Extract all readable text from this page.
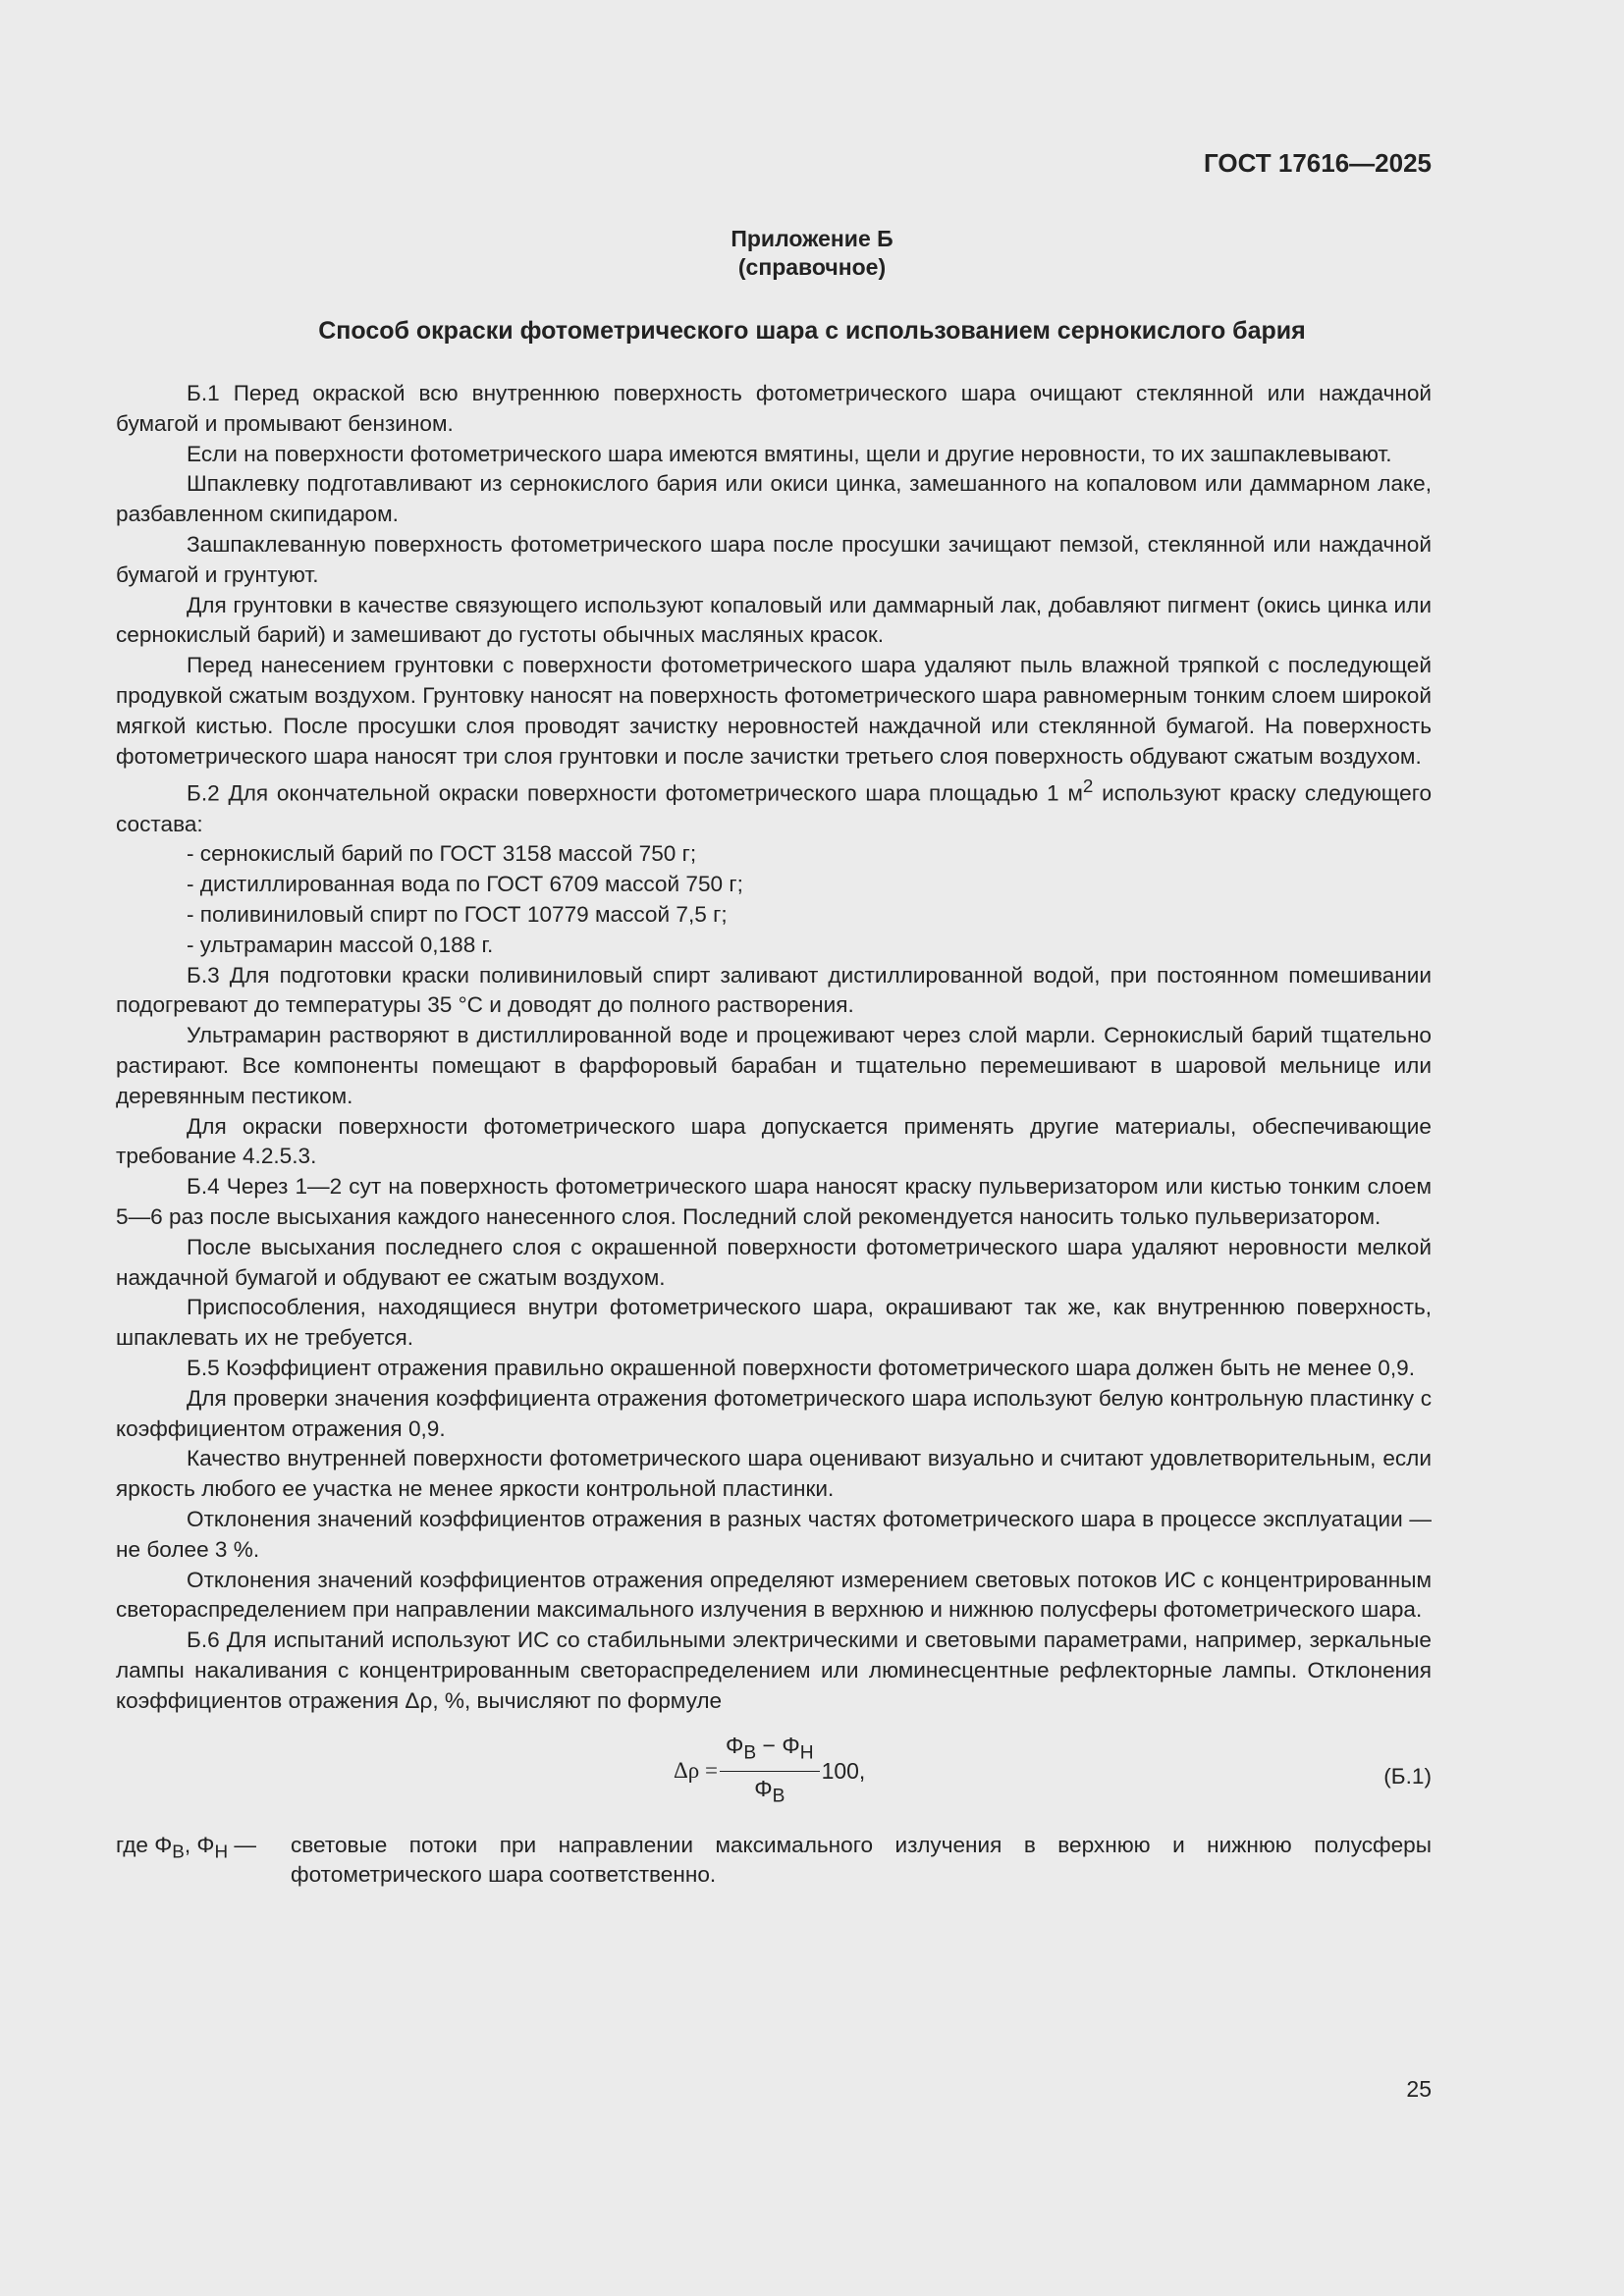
ГОСТ 17616—2025
Приложение Б
(справочное)
Способ окраски фотометрического шара с использованием сернокислого бария

Б.1 Перед окраской всю внутреннюю поверхность фотометрического шара очищают стеклянной или наждачной бумагой и промывают бензином.

Если на поверхности фотометрического шара имеются вмятины, щели и другие неровности, то их зашпаклевывают.

Шпаклевку подготавливают из сернокислого бария или окиси цинка, замешанного на копаловом или даммарном лаке, разбавленном скипидаром.

Зашпаклеванную поверхность фотометрического шара после просушки зачищают пемзой, стеклянной или наждачной бумагой и грунтуют.

Для грунтовки в качестве связующего используют копаловый или даммарный лак, добавляют пигмент (окись цинка или сернокислый барий) и замешивают до густоты обычных масляных красок.

Перед нанесением грунтовки с поверхности фотометрического шара удаляют пыль влажной тряпкой с последующей продувкой сжатым воздухом. Грунтовку наносят на поверхность фотометрического шара равномерным тонким слоем широкой мягкой кистью. После просушки слоя проводят зачистку неровностей наждачной или стеклянной бумагой. На поверхность фотометрического шара наносят три слоя грунтовки и после зачистки третьего слоя поверхность обдувают сжатым воздухом.

Б.2 Для окончательной окраски поверхности фотометрического шара площадью 1 $м^2$ используют краску следующего состава:

- сернокислый барий по ГОСТ 3158 массой 750 г;

- дистиллированная вода по ГОСТ 6709 массой 750 г;

- поливиниловый спирт по ГОСТ 10779 массой 7,5 г;

- ультрамарин массой 0,188 г.

Б.3 Для подготовки краски поливиниловый спирт заливают дистиллированной водой, при постоянном помешивании подогревают до температуры 35 °С и доводят до полного растворения.

Ультрамарин растворяют в дистиллированной воде и процеживают через слой марли. Сернокислый барий тщательно растирают. Все компоненты помещают в фарфоровый барабан и тщательно перемешивают в шаровой мельнице или деревянным пестиком.

Для окраски поверхности фотометрического шара допускается применять другие материалы, обеспечивающие требование 4.2.5.3.

Б.4 Через 1—2 сут на поверхность фотометрического шара наносят краску пульверизатором или кистью тонким слоем 5—6 раз после высыхания каждого нанесенного слоя. Последний слой рекомендуется наносить только пульверизатором.

После высыхания последнего слоя с окрашенной поверхности фотометрического шара удаляют неровности мелкой наждачной бумагой и обдувают ее сжатым воздухом.

Приспособления, находящиеся внутри фотометрического шара, окрашивают так же, как внутреннюю поверхность, шпаклевать их не требуется.

Б.5 Коэффициент отражения правильно окрашенной поверхности фотометрического шара должен быть не менее 0,9.

Для проверки значения коэффициента отражения фотометрического шара используют белую контрольную пластинку с коэффициентом отражения 0,9.

Качество внутренней поверхности фотометрического шара оценивают визуально и считают удовлетворительным, если яркость любого ее участка не менее яркости контрольной пластинки.

Отклонения значений коэффициентов отражения в разных частях фотометрического шара в процессе эксплуатации — не более 3 %.

Отклонения значений коэффициентов отражения определяют измерением световых потоков ИС с концентрированным светораспределением при направлении максимального излучения в верхнюю и нижнюю полусферы фотометрического шара.

Б.6 Для испытаний используют ИС со стабильными электрическими и световыми параметрами, например, зеркальные лампы накаливания с концентрированным светораспределением или люминесцентные рефлекторные лампы. Отклонения коэффициентов отражения Δρ, %, вычисляют по формуле

$\Delta\rho = \frac{\Phi_В - \Phi_Н}{\Phi_В} 100$,	(Б.1)
где $\Phi_В$, $\Phi_Н$ —	световые потоки при направлении максимального излучения в верхнюю и нижнюю полусферы фотометрического шара соответственно.
25
